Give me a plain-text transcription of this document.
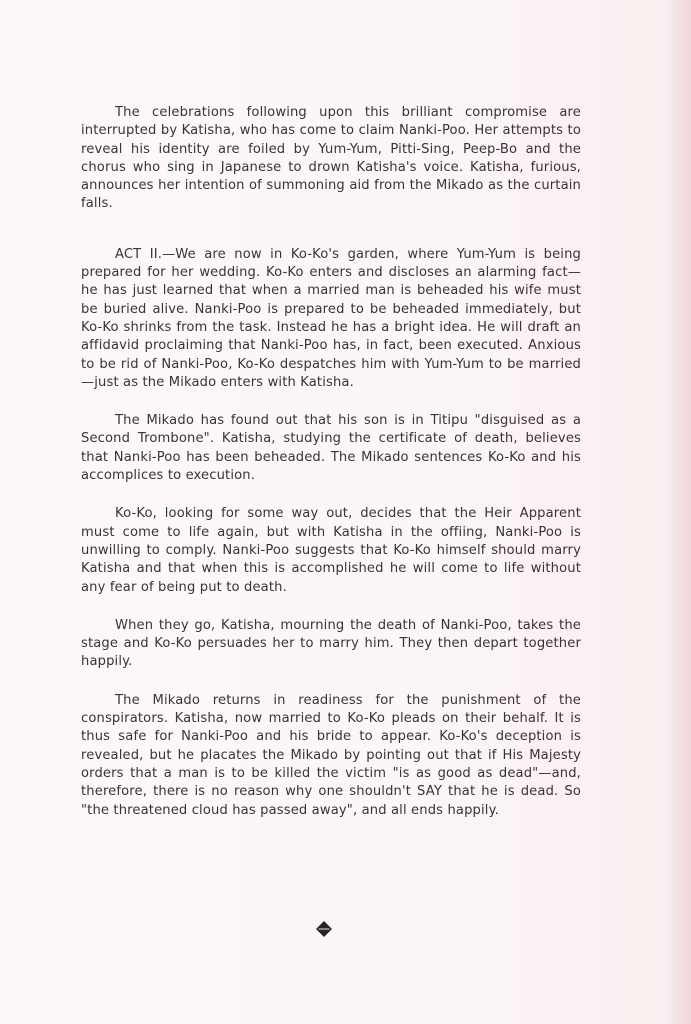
The celebrations following upon this brilliant compromise are interrupted by Katisha, who has come to claim Nanki-Poo. Her attempts to reveal his identity are foiled by Yum-Yum, Pitti-Sing, Peep-Bo and the chorus who sing in Japanese to drown Katisha's voice. Katisha, furious, announces her intention of summoning aid from the Mikado as the curtain falls.

ACT II.—We are now in Ko-Ko's garden, where Yum-Yum is being prepared for her wedding. Ko-Ko enters and discloses an alarming fact—he has just learned that when a married man is beheaded his wife must be buried alive. Nanki-Poo is prepared to be beheaded immediately, but Ko-Ko shrinks from the task. Instead he has a bright idea. He will draft an affidavid proclaiming that Nanki-Poo has, in fact, been executed. Anxious to be rid of Nanki-Poo, Ko-Ko despatches him with Yum-Yum to be married—just as the Mikado enters with Katisha.

The Mikado has found out that his son is in Titipu "disguised as a Second Trombone". Katisha, studying the certificate of death, believes that Nanki-Poo has been beheaded. The Mikado sentences Ko-Ko and his accomplices to execution.

Ko-Ko, looking for some way out, decides that the Heir Apparent must come to life again, but with Katisha in the offiing, Nanki-Poo is unwilling to comply. Nanki-Poo suggests that Ko-Ko himself should marry Katisha and that when this is accomplished he will come to life without any fear of being put to death.

When they go, Katisha, mourning the death of Nanki-Poo, takes the stage and Ko-Ko persuades her to marry him. They then depart together happily.

The Mikado returns in readiness for the punishment of the conspirators. Katisha, now married to Ko-Ko pleads on their behalf. It is thus safe for Nanki-Poo and his bride to appear. Ko-Ko's deception is revealed, but he placates the Mikado by pointing out that if His Majesty orders that a man is to be killed the victim "is as good as dead"—and, therefore, there is no reason why one shouldn't SAY that he is dead. So "the threatened cloud has passed away", and all ends happily.
